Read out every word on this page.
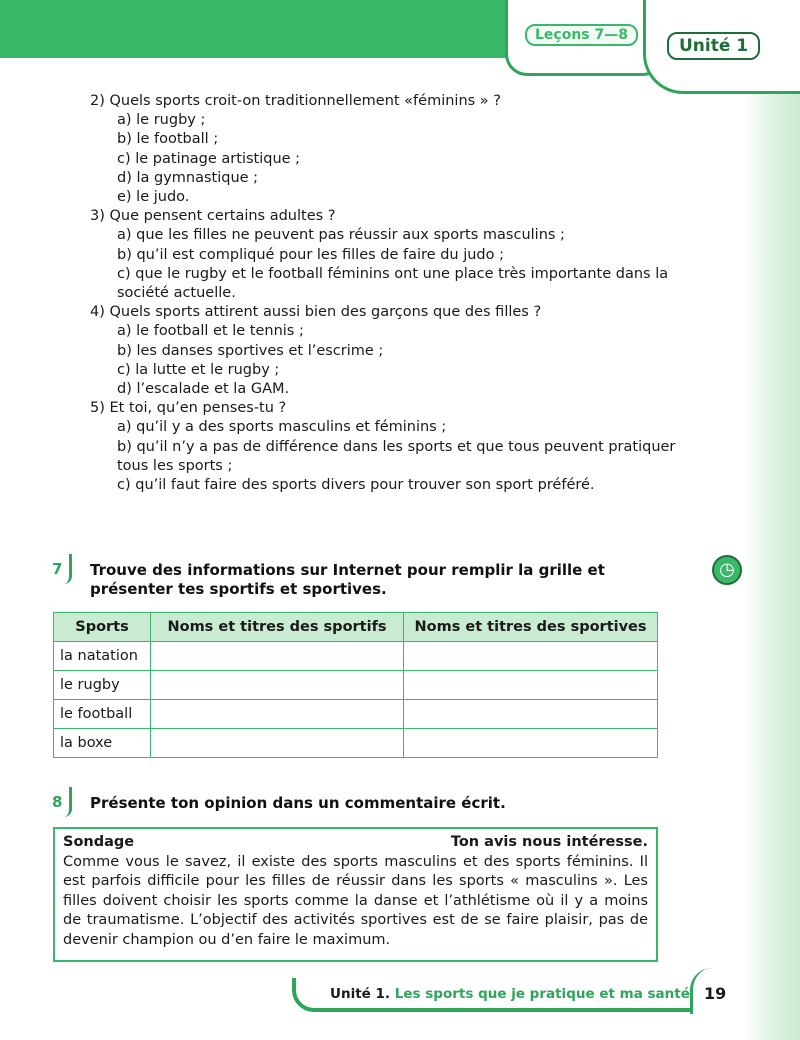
Leçons 7—8
Unité 1
2) Quels sports croit-on traditionnellement «féminins » ?
a) le rugby ;
b) le football ;
c) le patinage artistique ;
d) la gymnastique ;
e) le judo.
3) Que pensent certains adultes ?
a) que les filles ne peuvent pas réussir aux sports masculins ;
b) qu’il est compliqué pour les filles de faire du judo ;
c) que le rugby et le football féminins ont une place très importante dans la société actuelle.
4) Quels sports attirent aussi bien des garçons que des filles ?
a) le football et le tennis ;
b) les danses sportives et l’escrime ;
c) la lutte et le rugby ;
d) l’escalade et la GAM.
5) Et toi, qu’en penses-tu ?
a) qu’il y a des sports masculins et féminins ;
b) qu’il n’y a pas de différence dans les sports et que tous peuvent pratiquer tous les sports ;
c) qu’il faut faire des sports divers pour trouver son sport préféré.
7 Trouve des informations sur Internet pour remplir la grille et présenter tes sportifs et sportives.
◷
Sports	Noms et titres des sportifs	Noms et titres des sportives
la natation		
le rugby		
le football		
la boxe		
8 Présente ton opinion dans un commentaire écrit.
Sondage	Ton avis nous intéresse.
Comme vous le savez, il existe des sports masculins et des sports féminins. Il est parfois difficile pour les filles de réussir dans les sports « masculins ». Les filles doivent choisir les sports comme la danse et l’athlétisme où il y a moins de traumatisme. L’objectif des activités sportives est de se faire plaisir, pas de devenir champion ou d’en faire le maximum.
Unité 1. Les sports que je pratique et ma santé 19
